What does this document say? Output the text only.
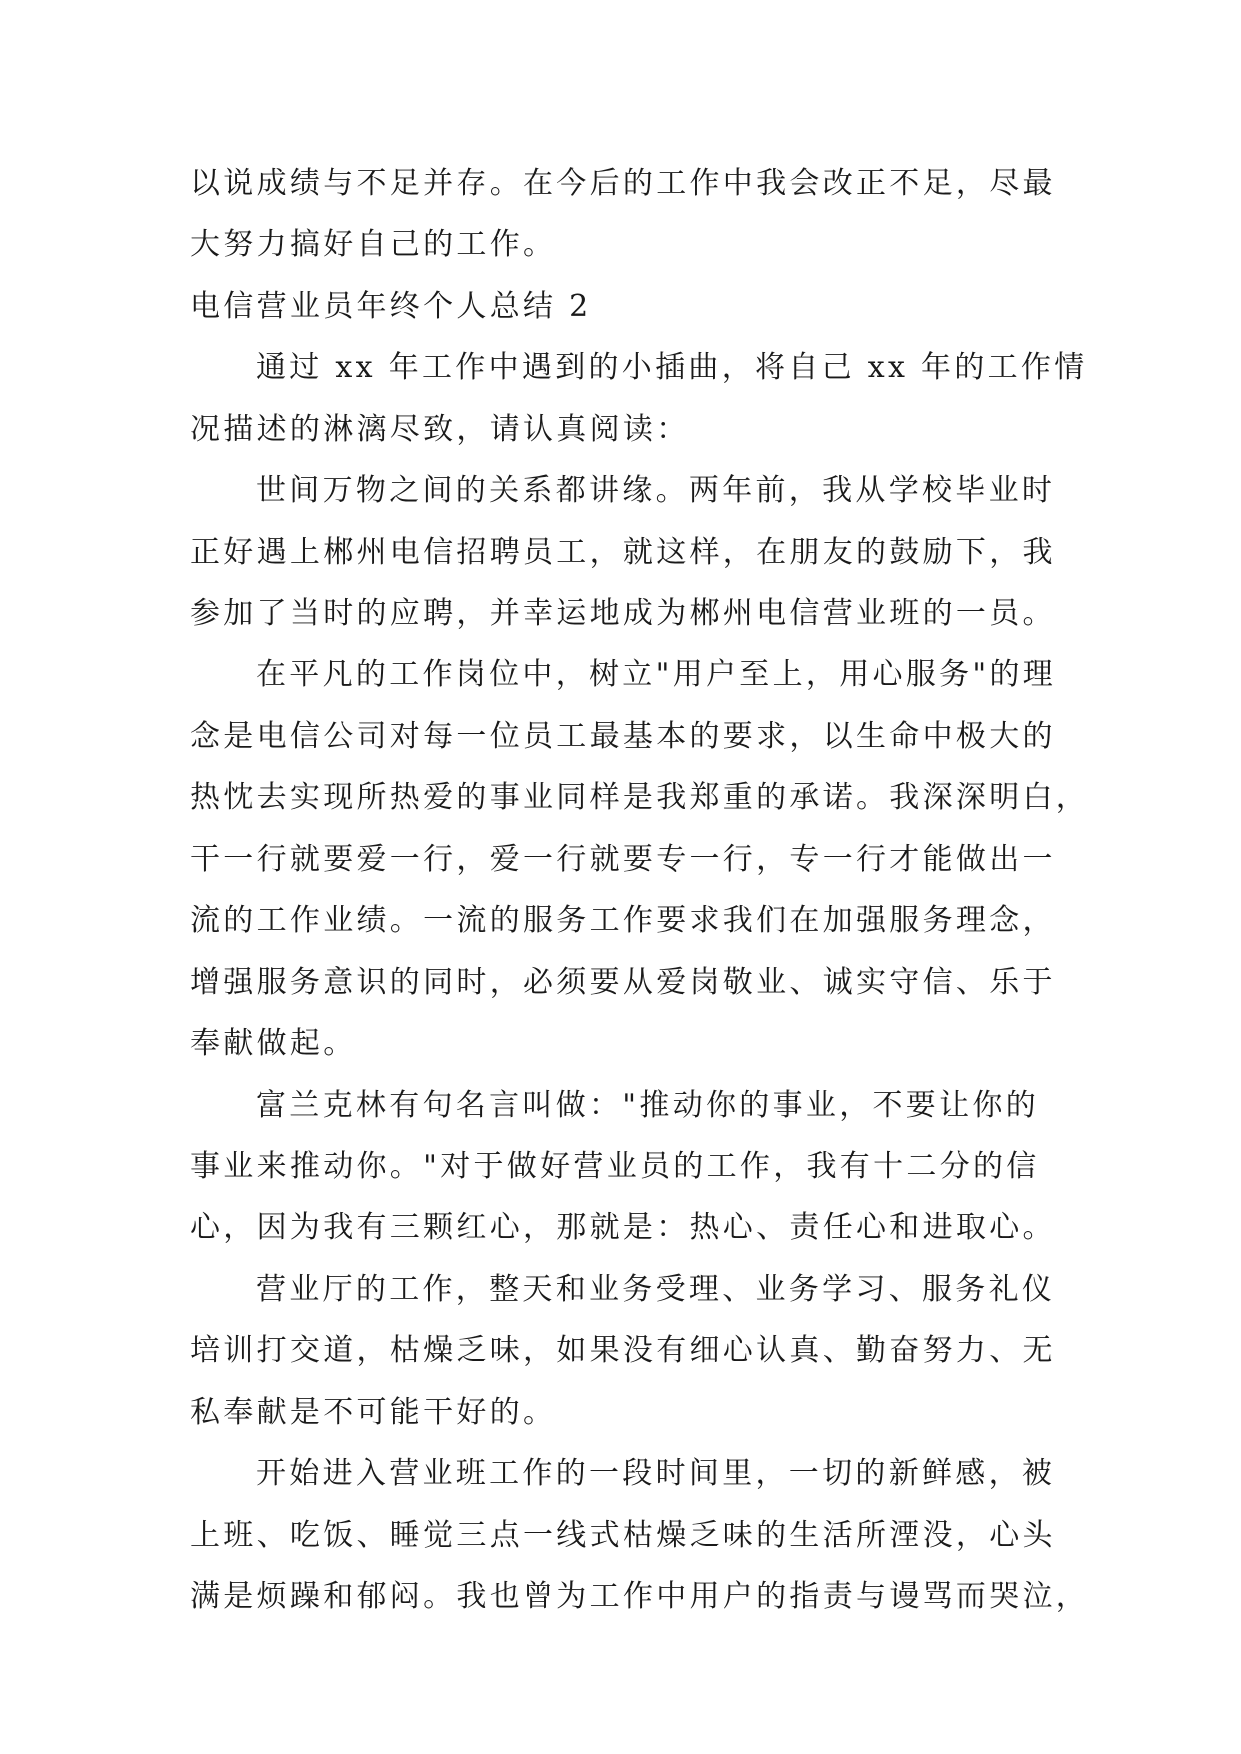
以说成绩与不足并存。在今后的工作中我会改正不足，尽最
大努力搞好自己的工作。
电信营业员年终个人总结 2
通过 xx 年工作中遇到的小插曲，将自己 xx 年的工作情
况描述的淋漓尽致，请认真阅读：
世间万物之间的关系都讲缘。两年前，我从学校毕业时
正好遇上郴州电信招聘员工，就这样，在朋友的鼓励下，我
参加了当时的应聘，并幸运地成为郴州电信营业班的一员。
在平凡的工作岗位中，树立"用户至上，用心服务"的理
念是电信公司对每一位员工最基本的要求，以生命中极大的
热忱去实现所热爱的事业同样是我郑重的承诺。我深深明白，
干一行就要爱一行，爱一行就要专一行，专一行才能做出一
流的工作业绩。一流的服务工作要求我们在加强服务理念，
增强服务意识的同时，必须要从爱岗敬业、诚实守信、乐于
奉献做起。
富兰克林有句名言叫做："推动你的事业，不要让你的
事业来推动你。"对于做好营业员的工作，我有十二分的信
心，因为我有三颗红心，那就是：热心、责任心和进取心。
营业厅的工作，整天和业务受理、业务学习、服务礼仪
培训打交道，枯燥乏味，如果没有细心认真、勤奋努力、无
私奉献是不可能干好的。
开始进入营业班工作的一段时间里，一切的新鲜感，被
上班、吃饭、睡觉三点一线式枯燥乏味的生活所湮没，心头
满是烦躁和郁闷。我也曾为工作中用户的指责与谩骂而哭泣，
